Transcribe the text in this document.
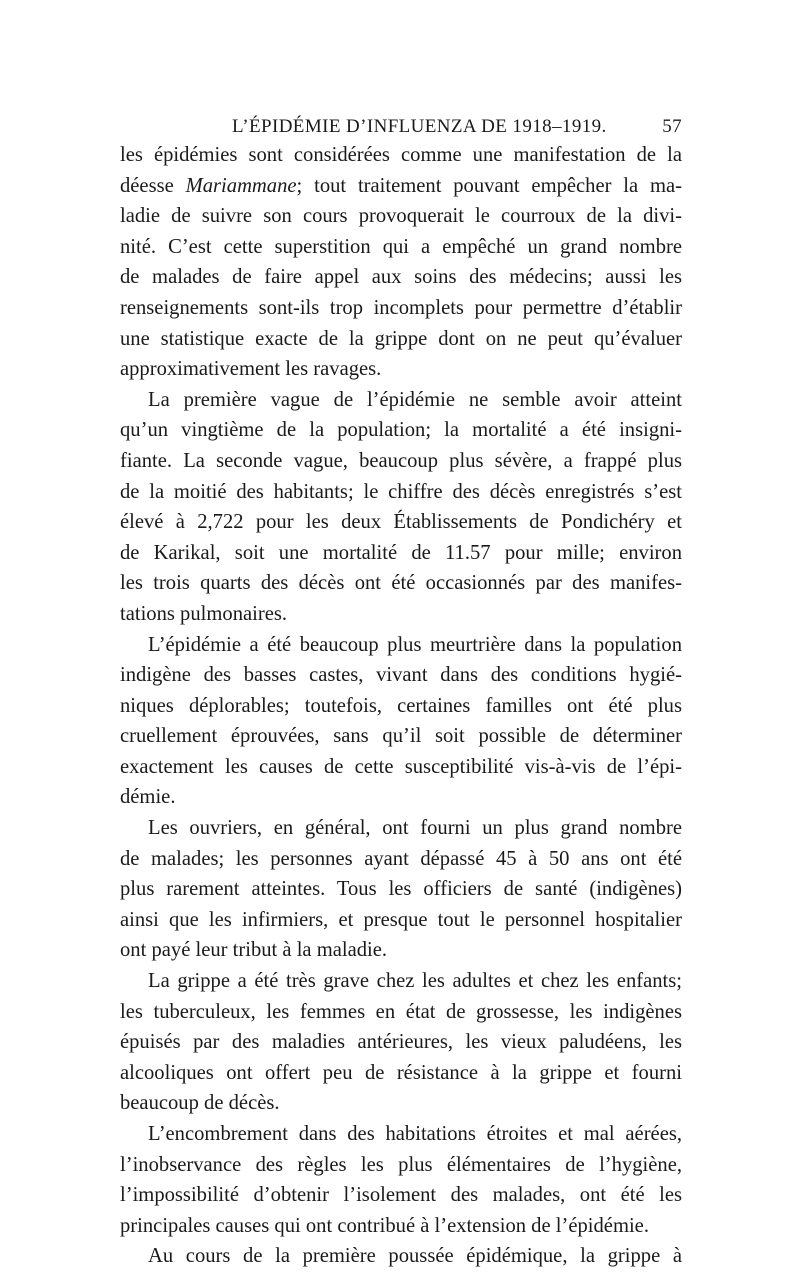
L’ÉPIDÉMIE D’INFLUENZA DE 1918–1919.	57
les épidémies sont considérées comme une manifestation de la
déesse Mariammane; tout traitement pouvant empêcher la ma-
ladie de suivre son cours provoquerait le courroux de la divi-
nité. C’est cette superstition qui a empêché un grand nombre
de malades de faire appel aux soins des médecins; aussi les
renseignements sont-ils trop incomplets pour permettre d’établir
une statistique exacte de la grippe dont on ne peut qu’évaluer
approximativement les ravages.
La première vague de l’épidémie ne semble avoir atteint
qu’un vingtième de la population; la mortalité a été insigni-
fiante. La seconde vague, beaucoup plus sévère, a frappé plus
de la moitié des habitants; le chiffre des décès enregistrés s’est
élevé à 2,722 pour les deux Établissements de Pondichéry et
de Karikal, soit une mortalité de 11.57 pour mille; environ
les trois quarts des décès ont été occasionnés par des manifes-
tations pulmonaires.
L’épidémie a été beaucoup plus meurtrière dans la population
indigène des basses castes, vivant dans des conditions hygié-
niques déplorables; toutefois, certaines familles ont été plus
cruellement éprouvées, sans qu’il soit possible de déterminer
exactement les causes de cette susceptibilité vis-à-vis de l’épi-
démie.
Les ouvriers, en général, ont fourni un plus grand nombre
de malades; les personnes ayant dépassé 45 à 50 ans ont été
plus rarement atteintes. Tous les officiers de santé (indigènes)
ainsi que les infirmiers, et presque tout le personnel hospitalier
ont payé leur tribut à la maladie.
La grippe a été très grave chez les adultes et chez les enfants;
les tuberculeux, les femmes en état de grossesse, les indigènes
épuisés par des maladies antérieures, les vieux paludéens, les
alcooliques ont offert peu de résistance à la grippe et fourni
beaucoup de décès.
L’encombrement dans des habitations étroites et mal aérées,
l’inobservance des règles les plus élémentaires de l’hygiène,
l’impossibilité d’obtenir l’isolement des malades, ont été les
principales causes qui ont contribué à l’extension de l’épidémie.
Au cours de la première poussée épidémique, la grippe à
